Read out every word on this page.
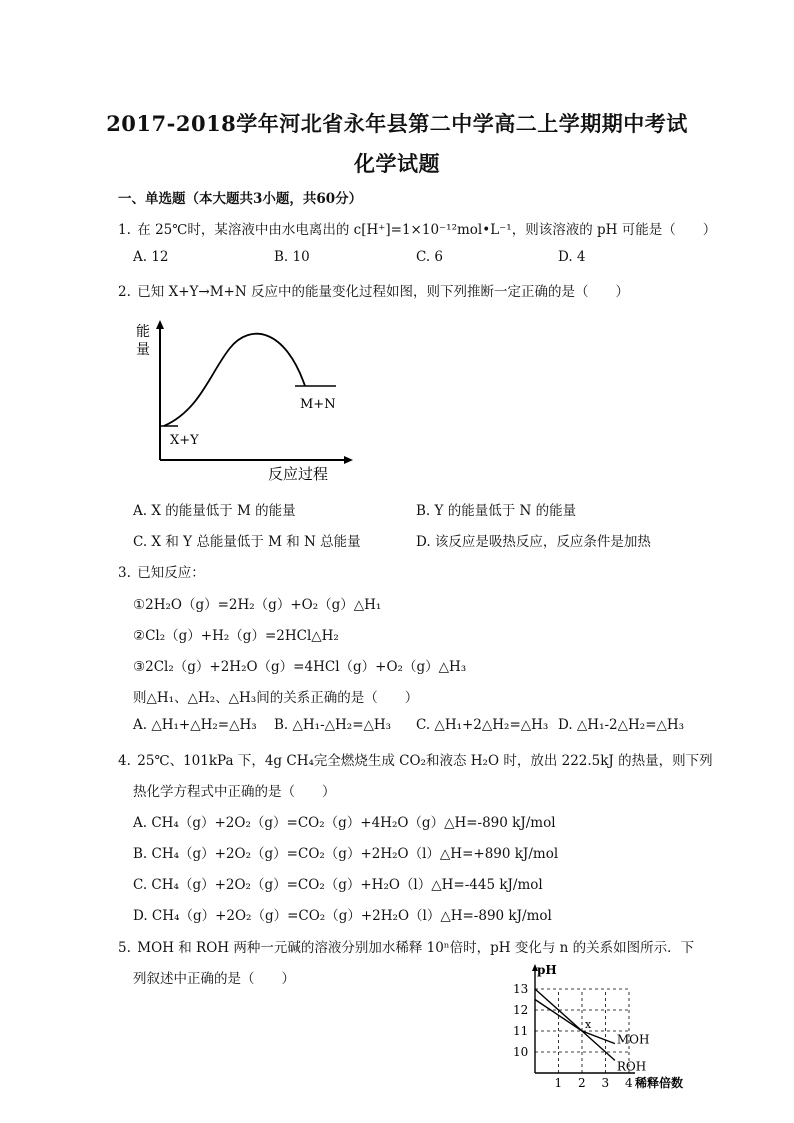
2017-2018学年河北省永年县第二中学高二上学期期中考试
化学试题
一、单选题（本大题共3小题，共60分）
1. 在 25℃时，某溶液中由水电离出的 c[H⁺]=1×10⁻¹²mol•L⁻¹，则该溶液的 pH 可能是（　　）
A. 12	B. 10	C. 6	D. 4
2. 已知 X+Y→M+N 反应中的能量变化过程如图，则下列推断一定正确的是（　　）
能
量
X+Y
M+N
反应过程
A. X 的能量低于 M 的能量	B. Y 的能量低于 N 的能量
C. X 和 Y 总能量低于 M 和 N 总能量	D. 该反应是吸热反应，反应条件是加热
3. 已知反应：
①2H₂O（g）=2H₂（g）+O₂（g）△H₁
②Cl₂（g）+H₂（g）=2HCl△H₂
③2Cl₂（g）+2H₂O（g）=4HCl（g）+O₂（g）△H₃
则△H₁、△H₂、△H₃间的关系正确的是（　　）
A. △H₁+△H₂=△H₃ B. △H₁-△H₂=△H₃ C. △H₁+2△H₂=△H₃ D. △H₁-2△H₂=△H₃
4. 25℃、101kPa 下，4g CH₄完全燃烧生成 CO₂和液态 H₂O 时，放出 222.5kJ 的热量，则下列
热化学方程式中正确的是（　　）
A. CH₄（g）+2O₂（g）=CO₂（g）+4H₂O（g）△H=-890 kJ/mol
B. CH₄（g）+2O₂（g）=CO₂（g）+2H₂O（l）△H=+890 kJ/mol
C. CH₄（g）+2O₂（g）=CO₂（g）+H₂O（l）△H=-445 kJ/mol
D. CH₄（g）+2O₂（g）=CO₂（g）+2H₂O（l）△H=-890 kJ/mol
5. MOH 和 ROH 两种一元碱的溶液分别加水稀释 10ⁿ倍时，pH 变化与 n 的关系如图所示．下
列叙述中正确的是（　　）
1 2 3 4
10
11
12
13
pH
稀释倍数
MOH
ROH
x
